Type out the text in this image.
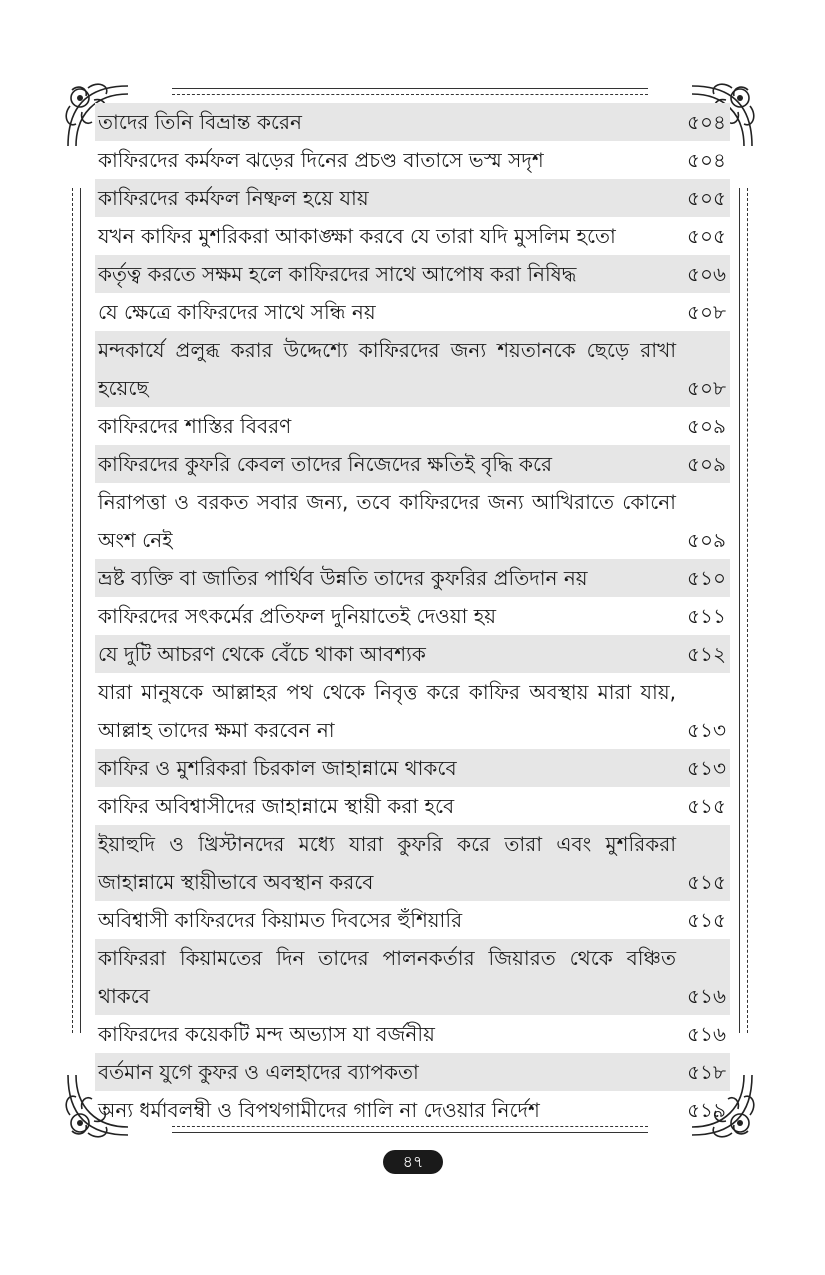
তাদের তিনি বিভ্রান্ত করেন	৫০৪
কাফিরদের কর্মফল ঝড়ের দিনের প্রচণ্ড বাতাসে ভস্ম সদৃশ	৫০৪
কাফিরদের কর্মফল নিষ্ফল হয়ে যায়	৫০৫
যখন কাফির মুশরিকরা আকাঙ্ক্ষা করবে যে তারা যদি মুসলিম হতো	৫০৫
কর্তৃত্ব করতে সক্ষম হলে কাফিরদের সাথে আপোষ করা নিষিদ্ধ	৫০৬
যে ক্ষেত্রে কাফিরদের সাথে সন্ধি নয়	৫০৮
মন্দকার্যে প্রলুব্ধ করার উদ্দেশ্যে কাফিরদের জন্য শয়তানকে ছেড়ে রাখা হয়েছে	৫০৮
কাফিরদের শাস্তির বিবরণ	৫০৯
কাফিরদের কুফরি কেবল তাদের নিজেদের ক্ষতিই বৃদ্ধি করে	৫০৯
নিরাপত্তা ও বরকত সবার জন্য, তবে কাফিরদের জন্য আখিরাতে কোনো অংশ নেই	৫০৯
ভ্রষ্ট ব্যক্তি বা জাতির পার্থিব উন্নতি তাদের কুফরির প্রতিদান নয়	৫১০
কাফিরদের সৎকর্মের প্রতিফল দুনিয়াতেই দেওয়া হয়	৫১১
যে দুটি আচরণ থেকে বেঁচে থাকা আবশ্যক	৫১২
যারা মানুষকে আল্লাহর পথ থেকে নিবৃত্ত করে কাফির অবস্থায় মারা যায়, আল্লাহ তাদের ক্ষমা করবেন না	৫১৩
কাফির ও মুশরিকরা চিরকাল জাহান্নামে থাকবে	৫১৩
কাফির অবিশ্বাসীদের জাহান্নামে স্থায়ী করা হবে	৫১৫
ইয়াহুদি ও খ্রিস্টানদের মধ্যে যারা কুফরি করে তারা এবং মুশরিকরা জাহান্নামে স্থায়ীভাবে অবস্থান করবে	৫১৫
অবিশ্বাসী কাফিরদের কিয়ামত দিবসের হুঁশিয়ারি	৫১৫
কাফিররা কিয়ামতের দিন তাদের পালনকর্তার জিয়ারত থেকে বঞ্চিত থাকবে	৫১৬
কাফিরদের কয়েকটি মন্দ অভ্যাস যা বর্জনীয়	৫১৬
বর্তমান যুগে কুফর ও এলহাদের ব্যাপকতা	৫১৮
অন্য ধর্মাবলম্বী ও বিপথগামীদের গালি না দেওয়ার নির্দেশ	৫১৯
৪৭
